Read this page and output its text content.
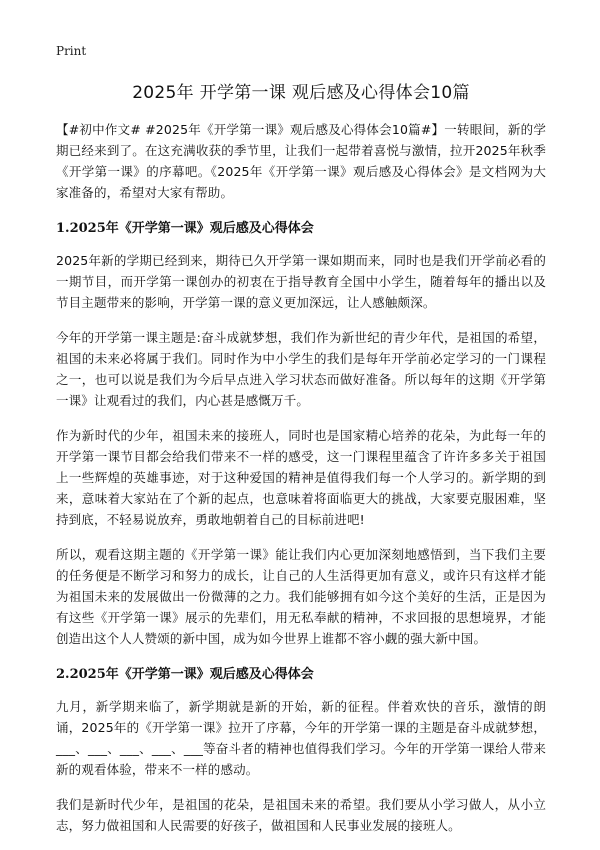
Print
2025年 开学第一课 观后感及心得体会10篇

【#初中作文# #2025年《开学第一课》观后感及心得体会10篇#】一转眼间，新的学期已经来到了。在这充满收获的季节里，让我们一起带着喜悦与激情，拉开2025年秋季《开学第一课》的序幕吧。《2025年《开学第一课》观后感及心得体会》是文档网为大家准备的，希望对大家有帮助。

1.2025年《开学第一课》观后感及心得体会

2025年新的学期已经到来，期待已久开学第一课如期而来，同时也是我们开学前必看的一期节目，而开学第一课创办的初衷在于指导教育全国中小学生，随着每年的播出以及节目主题带来的影响，开学第一课的意义更加深远，让人感触颇深。

今年的开学第一课主题是:奋斗成就梦想，我们作为新世纪的青少年代，是祖国的希望，祖国的未来必将属于我们。同时作为中小学生的我们是每年开学前必定学习的一门课程之一，也可以说是我们为今后早点进入学习状态而做好准备。所以每年的这期《开学第一课》让观看过的我们，内心甚是感慨万千。

作为新时代的少年，祖国未来的接班人，同时也是国家精心培养的花朵，为此每一年的开学第一课节目都会给我们带来不一样的感受，这一门课程里蕴含了许许多多关于祖国上一些辉煌的英雄事迹，对于这种爱国的精神是值得我们每一个人学习的。新学期的到来，意味着大家站在了个新的起点，也意味着将面临更大的挑战，大家要克服困难，坚持到底，不轻易说放弃，勇敢地朝着自己的目标前进吧!

所以，观看这期主题的《开学第一课》能让我们内心更加深刻地感悟到，当下我们主要的任务便是不断学习和努力的成长，让自己的人生活得更加有意义，或许只有这样才能为祖国未来的发展做出一份微薄的之力。我们能够拥有如今这个美好的生活，正是因为有这些《开学第一课》展示的先辈们，用无私奉献的精神，不求回报的思想境界，才能创造出这个人人赞颂的新中国，成为如今世界上谁都不容小觑的强大新中国。

2.2025年《开学第一课》观后感及心得体会

九月，新学期来临了，新学期就是新的开始，新的征程。伴着欢快的音乐，激情的朗诵，2025年的《开学第一课》拉开了序幕，今年的开学第一课的主题是奋斗成就梦想，___、___、___、___、___等奋斗者的精神也值得我们学习。今年的开学第一课给人带来新的观看体验，带来不一样的感动。

我们是新时代少年，是祖国的花朵，是祖国未来的希望。我们要从小学习做人，从小立志，努力做祖国和人民需要的好孩子，做祖国和人民事业发展的接班人。
